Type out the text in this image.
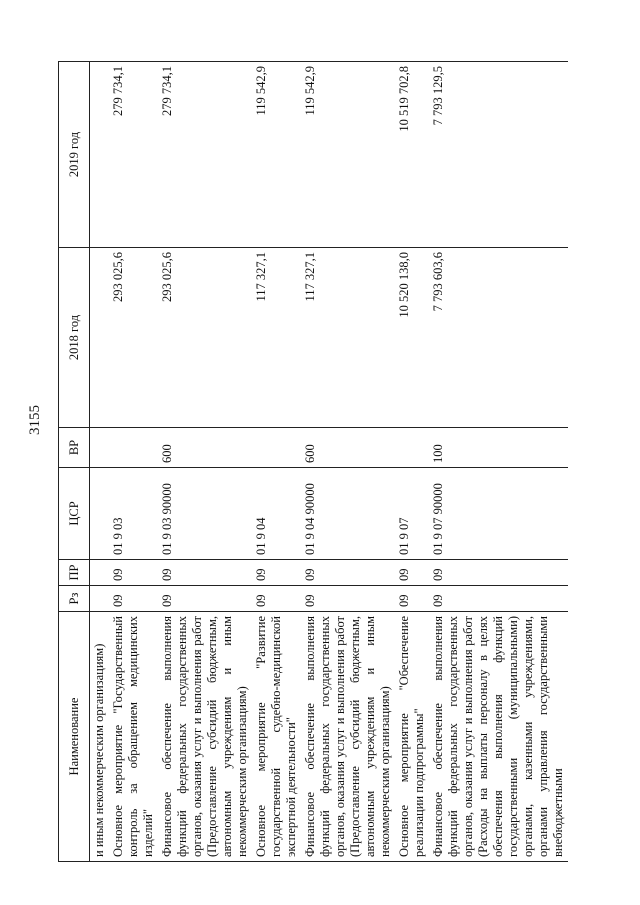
3155
Наименование	Рз	ПР	ЦСР	ВР	2018 год	2019 год
и иным некоммерческим организациям)						
Основное мероприятие "Государственный контроль за обращением медицинских изделий"	09	09	01 9 03		293 025,6	279 734,1
Финансовое обеспечение выполнения функций федеральных государственных органов, оказания услуг и выполнения работ (Предоставление субсидий бюджетным, автономным учреждениям и иным некоммерческим организациям)	09	09	01 9 03 90000	600	293 025,6	279 734,1
Основное мероприятие "Развитие государственной судебно-медицинской экспертной деятельности"	09	09	01 9 04		117 327,1	119 542,9
Финансовое обеспечение выполнения функций федеральных государственных органов, оказания услуг и выполнения работ (Предоставление субсидий бюджетным, автономным учреждениям и иным некоммерческим организациям)	09	09	01 9 04 90000	600	117 327,1	119 542,9
Основное мероприятие "Обеспечение реализации подпрограммы"	09	09	01 9 07		10 520 138,0	10 519 702,8
Финансовое обеспечение выполнения функций федеральных государственных органов, оказания услуг и выполнения работ (Расходы на выплаты персоналу в целях обеспечения выполнения функций государственными (муниципальными) органами, казенными учреждениями, органами управления государственными внебюджетными	09	09	01 9 07 90000	100	7 793 603,6	7 793 129,5
